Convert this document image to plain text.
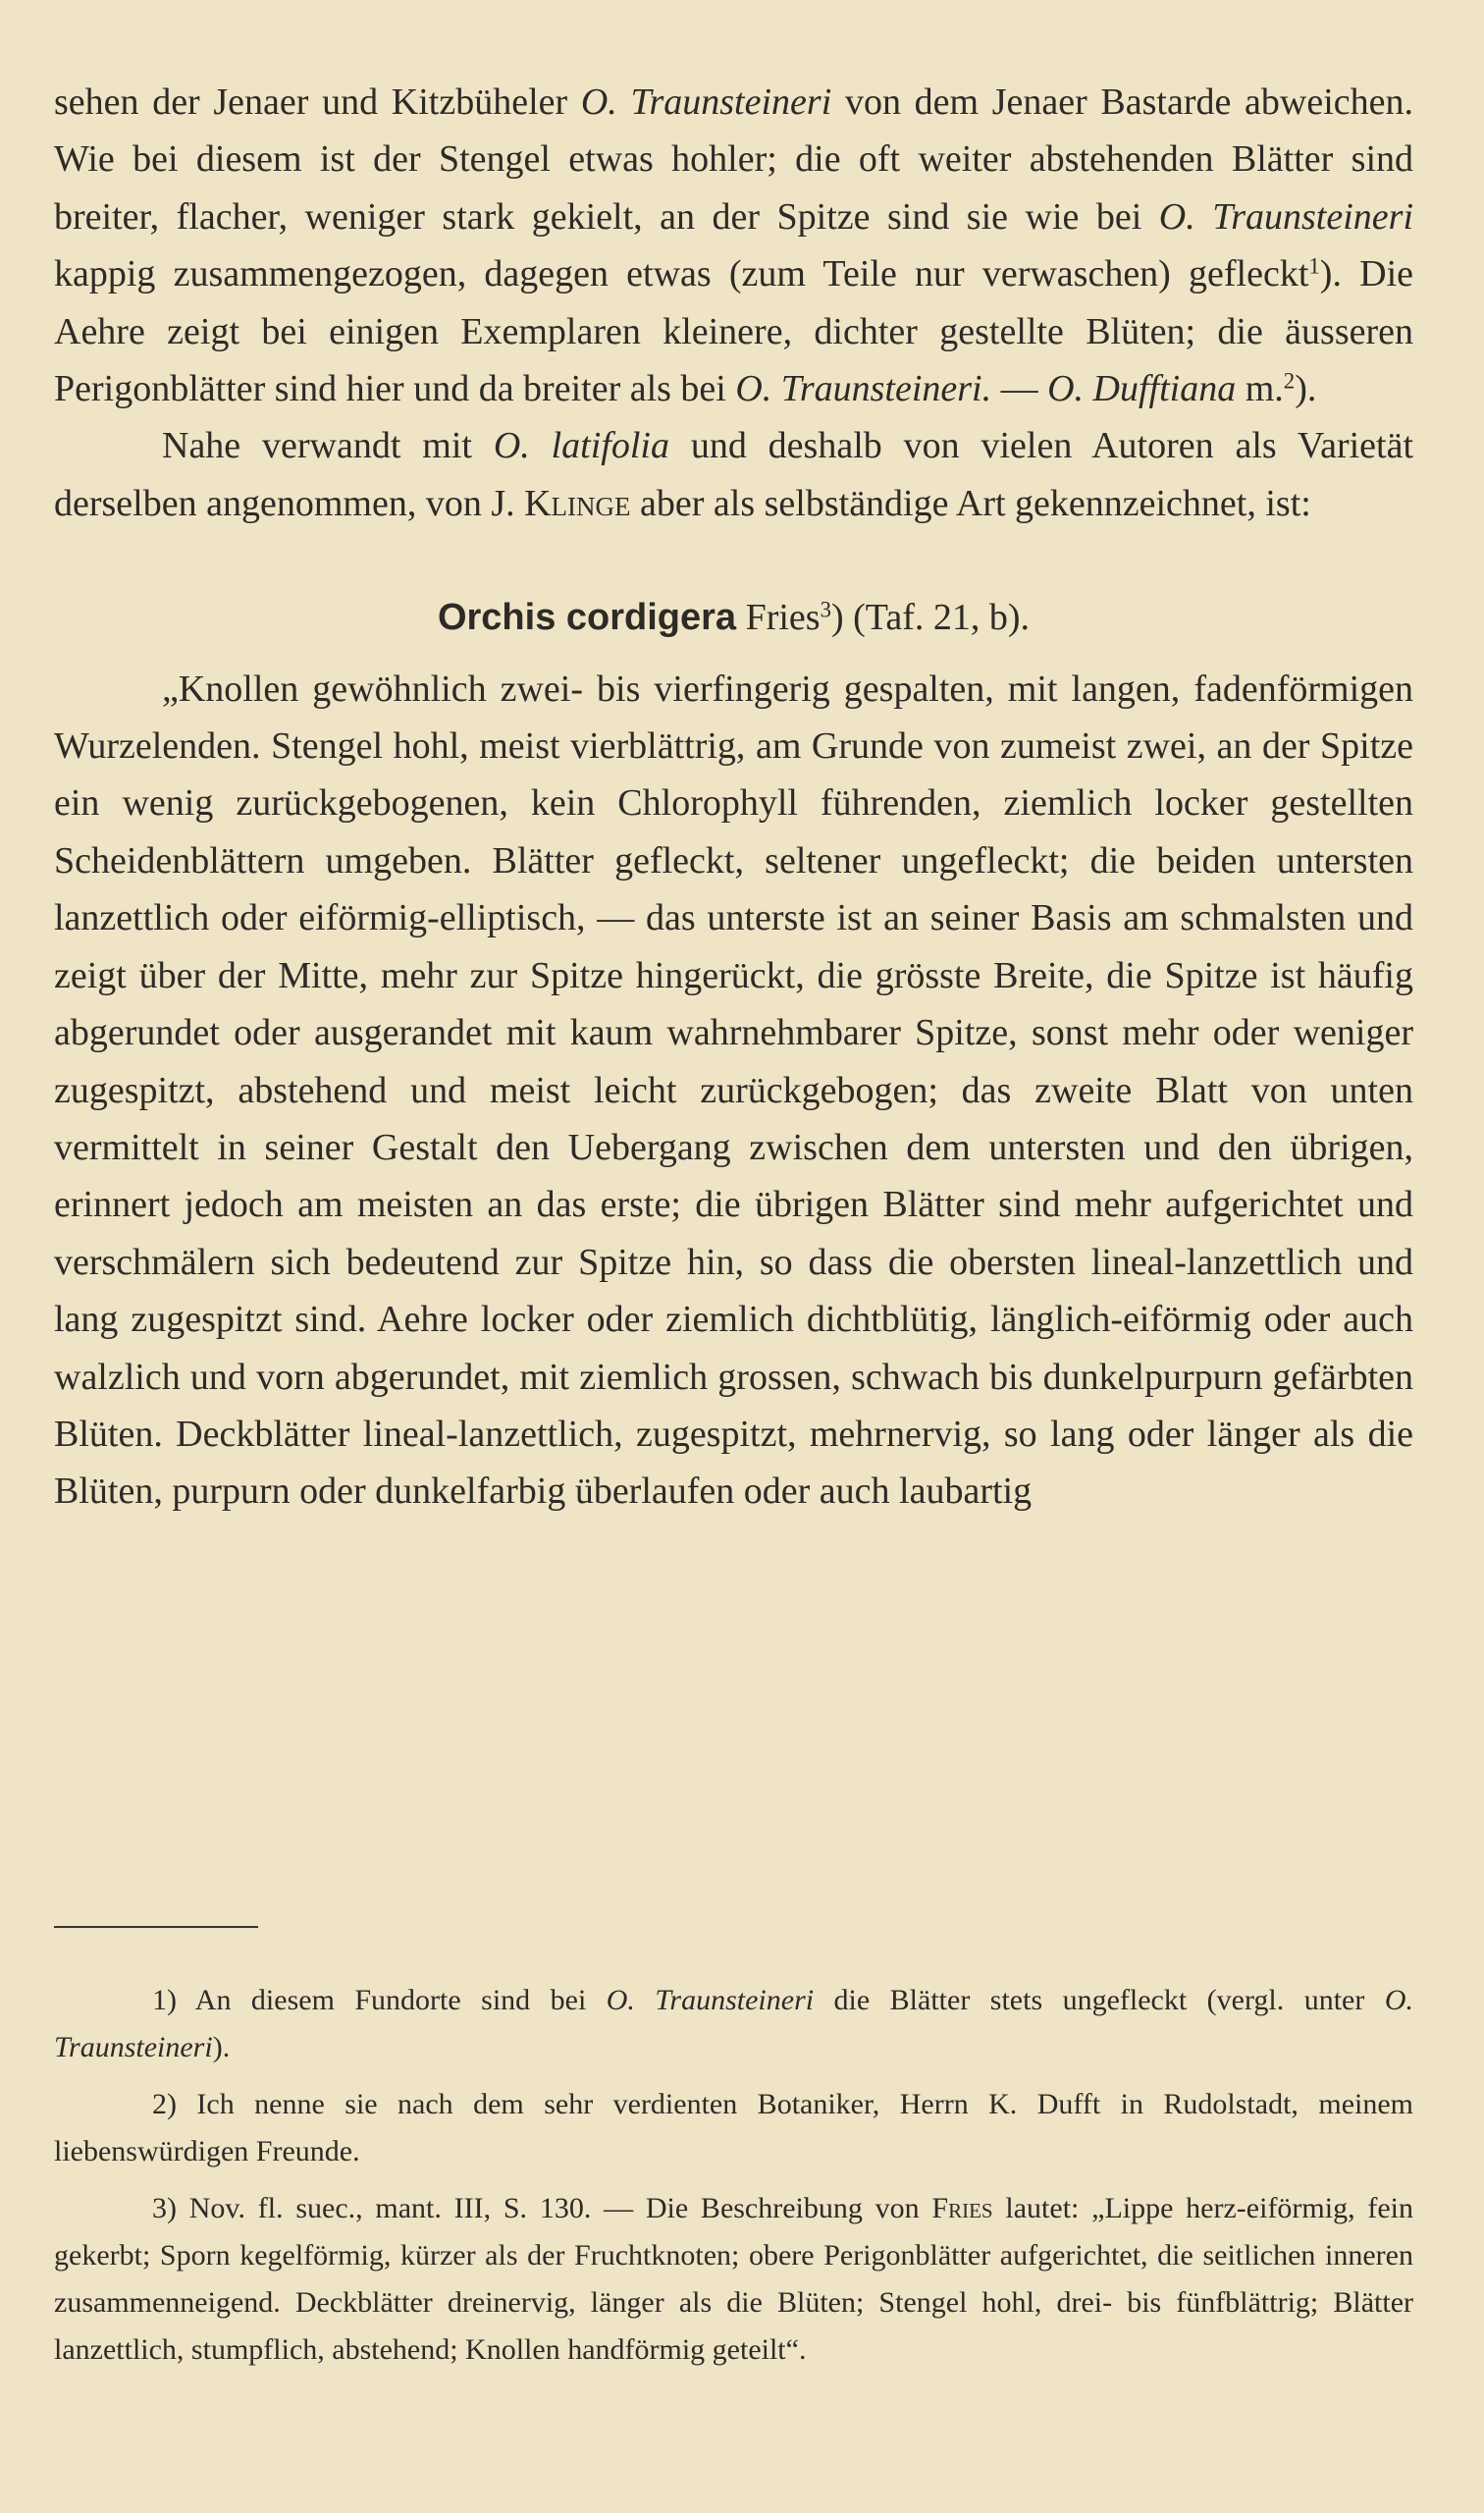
sehen der Jenaer und Kitzbüheler O. Traunsteineri von dem Jenaer Bastarde abweichen. Wie bei diesem ist der Stengel etwas hohler; die oft weiter abstehenden Blätter sind breiter, flacher, weniger stark gekielt, an der Spitze sind sie wie bei O. Traunsteineri kappig zusammengezogen, dagegen etwas (zum Teile nur verwaschen) gefleckt$^1$). Die Aehre zeigt bei einigen Exemplaren kleinere, dichter gestellte Blüten; die äusseren Perigonblätter sind hier und da breiter als bei O. Traunsteineri. — O. Dufftiana m.$^2$).

Nahe verwandt mit O. latifolia und deshalb von vielen Autoren als Varietät derselben angenommen, von J. Klinge aber als selbständige Art gekennzeichnet, ist:

Orchis cordigera Fries$^3$) (Taf. 21, b).

„Knollen gewöhnlich zwei- bis vierfingerig gespalten, mit langen, fadenförmigen Wurzelenden. Stengel hohl, meist vierblättrig, am Grunde von zumeist zwei, an der Spitze ein wenig zurückgebogenen, kein Chlorophyll führenden, ziemlich locker gestellten Scheidenblättern umgeben. Blätter gefleckt, seltener ungefleckt; die beiden untersten lanzettlich oder eiförmig-elliptisch, — das unterste ist an seiner Basis am schmalsten und zeigt über der Mitte, mehr zur Spitze hingerückt, die grösste Breite, die Spitze ist häufig abgerundet oder ausgerandet mit kaum wahrnehmbarer Spitze, sonst mehr oder weniger zugespitzt, abstehend und meist leicht zurückgebogen; das zweite Blatt von unten vermittelt in seiner Gestalt den Uebergang zwischen dem untersten und den übrigen, erinnert jedoch am meisten an das erste; die übrigen Blätter sind mehr aufgerichtet und verschmälern sich bedeutend zur Spitze hin, so dass die obersten lineal-lanzettlich und lang zugespitzt sind. Aehre locker oder ziemlich dichtblütig, länglich-eiförmig oder auch walzlich und vorn abgerundet, mit ziemlich grossen, schwach bis dunkelpurpurn gefärbten Blüten. Deckblätter lineal-lanzettlich, zugespitzt, mehrnervig, so lang oder länger als die Blüten, purpurn oder dunkelfarbig überlaufen oder auch laubartig

1) An diesem Fundorte sind bei O. Traunsteineri die Blätter stets ungefleckt (vergl. unter O. Traunsteineri).

2) Ich nenne sie nach dem sehr verdienten Botaniker, Herrn K. Dufft in Rudolstadt, meinem liebenswürdigen Freunde.

3) Nov. fl. suec., mant. III, S. 130. — Die Beschreibung von Fries lautet: „Lippe herz-eiförmig, fein gekerbt; Sporn kegelförmig, kürzer als der Fruchtknoten; obere Perigonblätter aufgerichtet, die seitlichen inneren zusammenneigend. Deckblätter dreinervig, länger als die Blüten; Stengel hohl, drei- bis fünfblättrig; Blätter lanzettlich, stumpflich, abstehend; Knollen handförmig geteilt“.
